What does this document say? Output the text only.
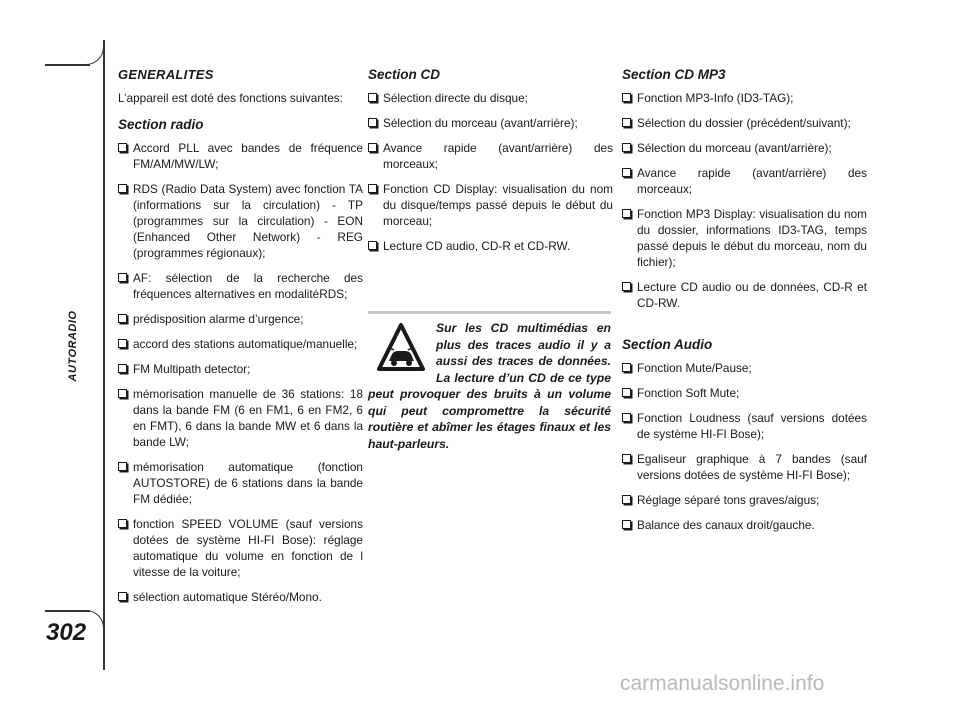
AUTORADIO
302
GENERALITES
L’appareil est doté des fonctions suivantes:
Section radio
Accord PLL avec bandes de fréquence FM/AM/MW/LW;
RDS (Radio Data System) avec fonction TA (informations sur la circulation) - TP (programmes sur la circulation) - EON (Enhanced Other Network) - REG (programmes régionaux);
AF: sélection de la recherche des fréquences alternatives en modalitéRDS;
prédisposition alarme d’urgence;
accord des stations automatique/manuelle;
FM Multipath detector;
mémorisation manuelle de 36 stations: 18 dans la bande FM (6 en FM1, 6 en FM2, 6 en FMT), 6 dans la bande MW et 6 dans la bande LW;
mémorisation automatique (fonction AUTOSTORE) de 6 stations dans la bande FM dédiée;
fonction SPEED VOLUME (sauf versions dotées de système HI-FI Bose): réglage automatique du volume en fonction de l vitesse de la voiture;
sélection automatique Stéréo/Mono.
Section CD
Sélection directe du disque;
Sélection du morceau (avant/arrière);
Avance rapide (avant/arrière) des morceaux;
Fonction CD Display: visualisation du nom du disque/temps passé depuis le début du morceau;
Lecture CD audio, CD-R et CD-RW.

Sur les CD multimédias en plus des traces audio il y a aussi des traces de données. La lecture d’un CD de ce type peut provoquer des bruits à un volume qui peut compromettre la sécurité routière et abîmer les étages finaux et les haut-parleurs.

Section CD MP3
Fonction MP3-Info (ID3-TAG);
Sélection du dossier (précédent/suivant);
Sélection du morceau (avant/arrière);
Avance rapide (avant/arrière) des morceaux;
Fonction MP3 Display: visualisation du nom du dossier, informations ID3-TAG, temps passé depuis le début du morceau, nom du fichier);
Lecture CD audio ou de données, CD-R et CD-RW.
Section Audio
Fonction Mute/Pause;
Fonction Soft Mute;
Fonction Loudness (sauf versions dotées de système HI-FI Bose);
Egaliseur graphique à 7 bandes (sauf versions dotées de système HI-FI Bose);
Réglage séparé tons graves/aigus;
Balance des canaux droit/gauche.
carmanualsonline.info
